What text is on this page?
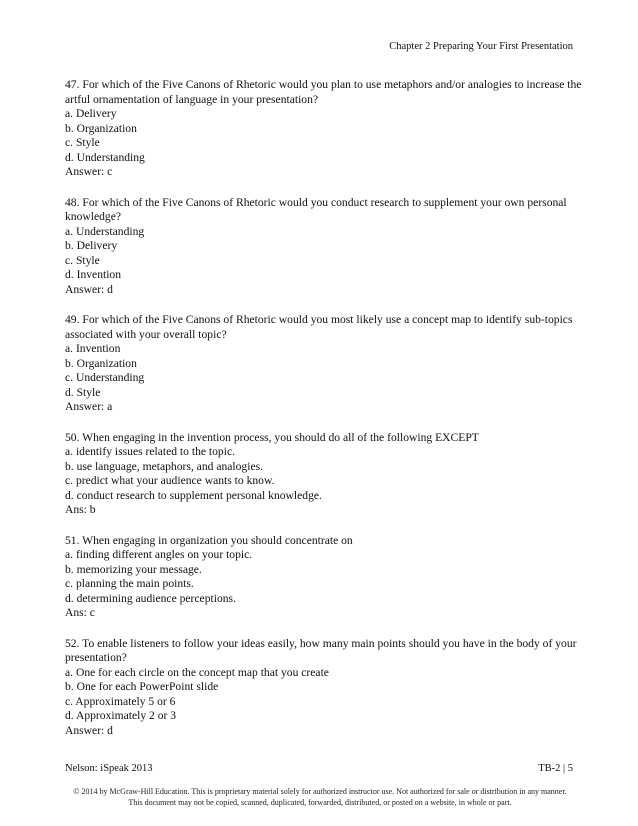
Chapter 2 Preparing Your First Presentation
47. For which of the Five Canons of Rhetoric would you plan to use metaphors and/or analogies to increase the artful ornamentation of language in your presentation?
a. Delivery
b. Organization
c. Style
d. Understanding
Answer: c
48. For which of the Five Canons of Rhetoric would you conduct research to supplement your own personal knowledge?
a. Understanding
b. Delivery
c. Style
d. Invention
Answer: d
49. For which of the Five Canons of Rhetoric would you most likely use a concept map to identify sub-topics associated with your overall topic?
a. Invention
b. Organization
c. Understanding
d. Style
Answer: a
50. When engaging in the invention process, you should do all of the following EXCEPT
a. identify issues related to the topic.
b. use language, metaphors, and analogies.
c. predict what your audience wants to know.
d. conduct research to supplement personal knowledge.
Ans: b
51. When engaging in organization you should concentrate on
a. finding different angles on your topic.
b. memorizing your message.
c. planning the main points.
d. determining audience perceptions.
Ans: c
52. To enable listeners to follow your ideas easily, how many main points should you have in the body of your presentation?
a. One for each circle on the concept map that you create
b. One for each PowerPoint slide
c. Approximately 5 or 6
d. Approximately 2 or 3
Answer: d
Nelson: iSpeak 2013	TB-2 | 5
© 2014 by McGraw-Hill Education. This is proprietary material solely for authorized instructor use. Not authorized for sale or distribution in any manner. This document may not be copied, scanned, duplicated, forwarded, distributed, or posted on a website, in whole or part.
